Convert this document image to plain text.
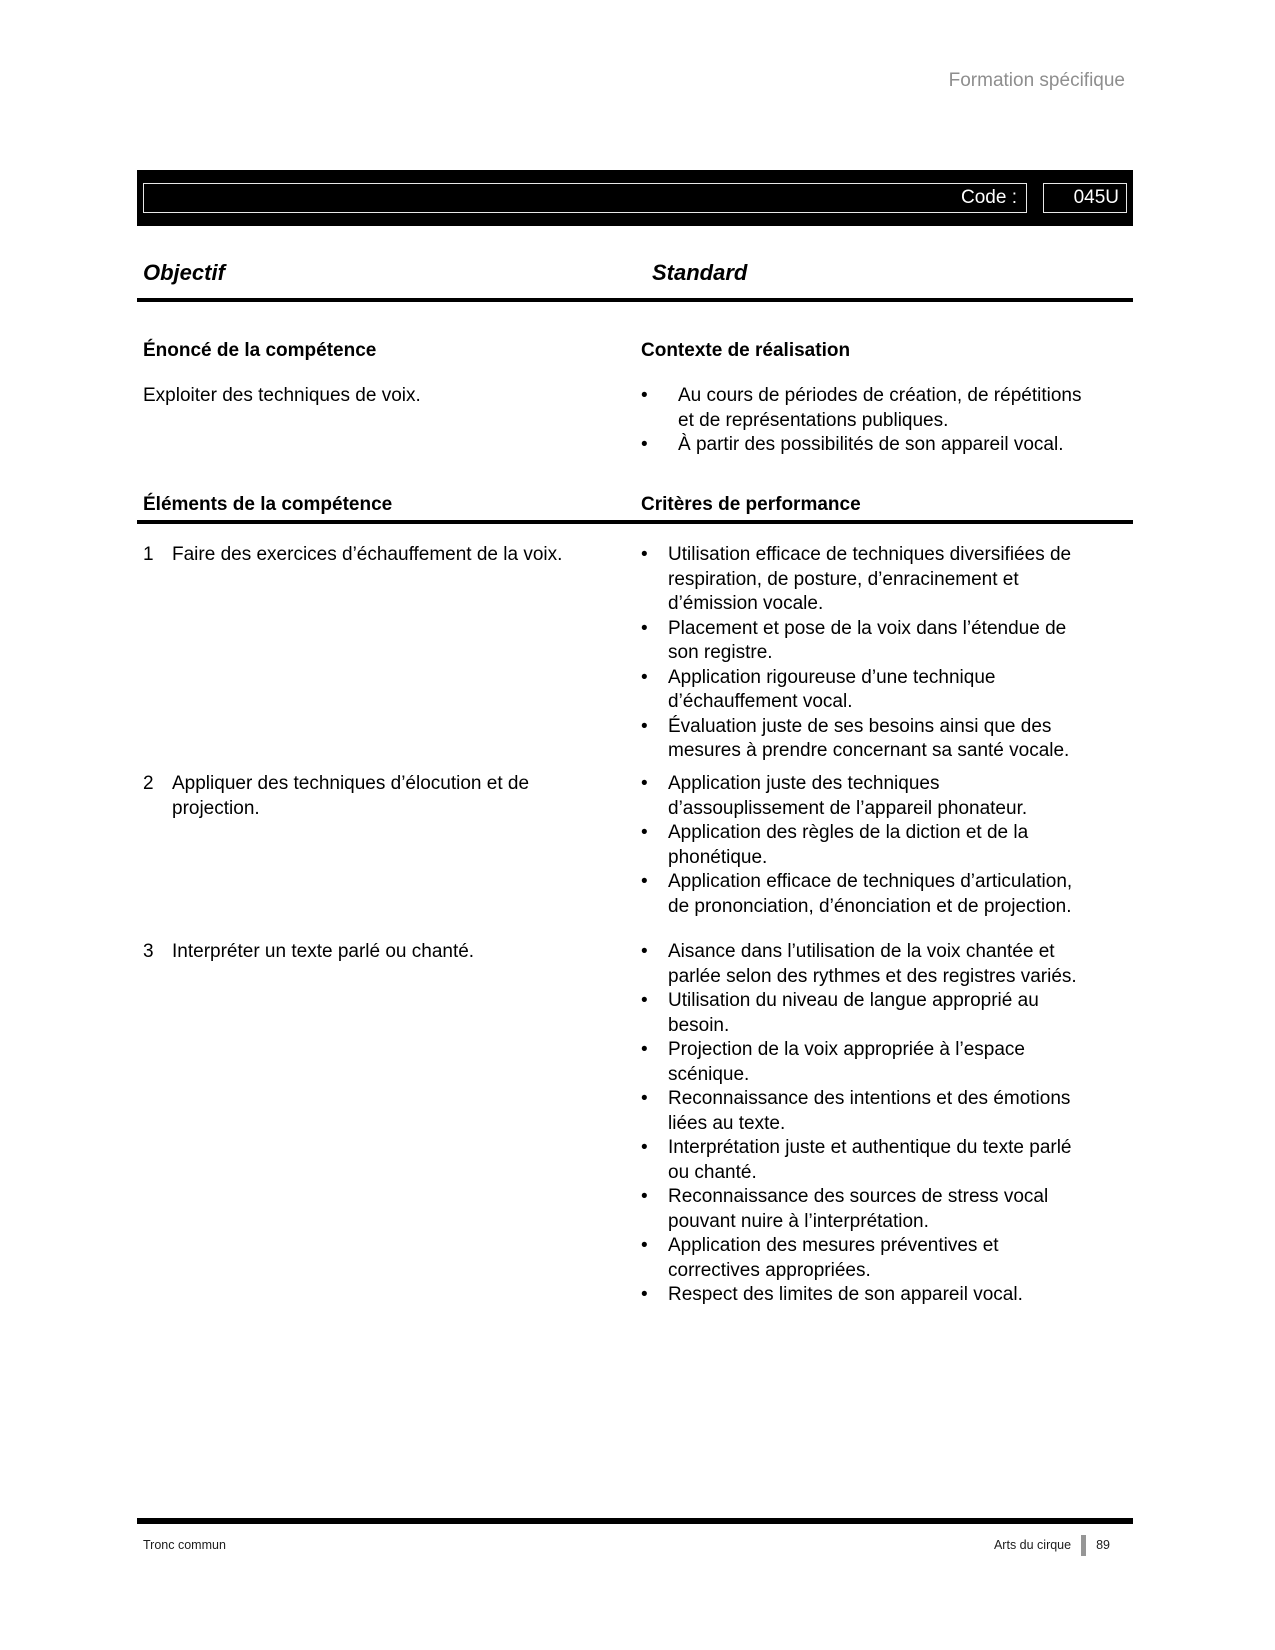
Formation spécifique
Code :	045U
Objectif	Standard
Énoncé de la compétence	Contexte de réalisation
Exploiter des techniques de voix.	•	Au cours de périodes de création, de répétitions
et de représentations publiques.
•	À partir des possibilités de son appareil vocal.
Éléments de la compétence	Critères de performance
1 Faire des exercices d’échauffement de la voix.	•	Utilisation efficace de techniques diversifiées de
respiration, de posture, d’enracinement et
d’émission vocale.
•	Placement et pose de la voix dans l’étendue de
son registre.
•	Application rigoureuse d’une technique
d’échauffement vocal.
•	Évaluation juste de ses besoins ainsi que des
mesures à prendre concernant sa santé vocale.
2 Appliquer des techniques d’élocution et de
projection.
•	Application juste des techniques
d’assouplissement de l’appareil phonateur.
•	Application des règles de la diction et de la
phonétique.
•	Application efficace de techniques d’articulation,
de prononciation, d’énonciation et de projection.
3 Interpréter un texte parlé ou chanté.	•	Aisance dans l’utilisation de la voix chantée et
parlée selon des rythmes et des registres variés.
•	Utilisation du niveau de langue approprié au
besoin.
•	Projection de la voix appropriée à l’espace
scénique.
•	Reconnaissance des intentions et des émotions
liées au texte.
•	Interprétation juste et authentique du texte parlé
ou chanté.
•	Reconnaissance des sources de stress vocal
pouvant nuire à l’interprétation.
•	Application des mesures préventives et
correctives appropriées.
•	Respect des limites de son appareil vocal.
Tronc commun	Arts du cirque 89
